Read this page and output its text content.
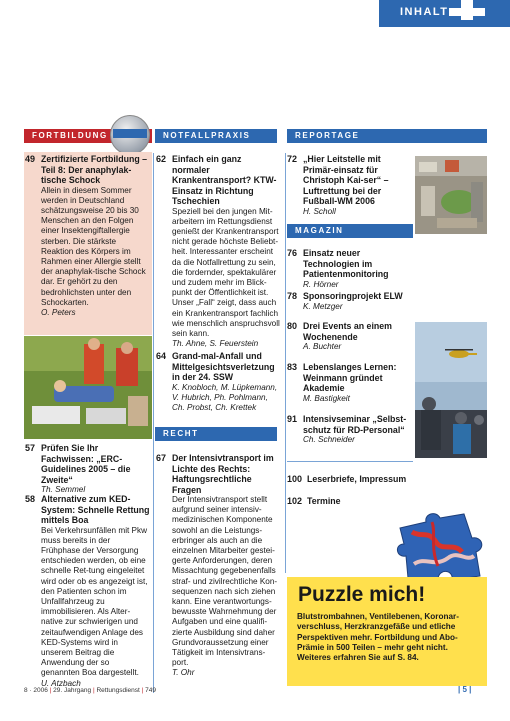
INHALT
FORTBILDUNG	NOTFALLPRAXIS	REPORTAGE
49 Zertifizierte Fortbildung – Teil 8: Der anaphylak-tische Schock
Allein in diesem Sommer werden in Deutschland schätzungsweise 20 bis 30 Menschen an den Folgen einer Insektengiftallergie sterben. Die stärkste Reaktion des Körpers im Rahmen einer Allergie stellt der anaphylak-tische Schock dar. Er gehört zu den bedrohlichsten unter den Schockarten.
O. Peters
57 Prüfen Sie Ihr Fachwissen: „ERC-Guidelines 2005 – die Zweite“
Th. Semmel
58 Alternative zum KED-System: Schnelle Rettung mittels Boa
Bei Verkehrsunfällen mit Pkw muss bereits in der Frühphase der Versorgung entschieden werden, ob eine schnelle Ret-tung eingeleitet wird oder ob es angezeigt ist, den Patienten schon im Unfallfahrzeug zu immobilisieren. Als Alter-native zur schwierigen und zeitaufwendigen Anlage des KED-Systems wird in unserem Beitrag die Anwendung der so genannten Boa dargestellt.
U. Atzbach
62 Einfach ein ganz normaler Krankentransport? KTW-Einsatz in Richtung Tschechien
Speziell bei den jungen Mit-arbeitern im Rettungsdienst genießt der Krankentransport nicht gerade höchste Beliebt-heit. Interessanter erscheint da die Notfallrettung zu sein, die fordernder, spektakulärer und zudem mehr im Blick-punkt der Öffentlichkeit ist. Unser „Fall“ zeigt, dass auch ein Krankentransport fachlich wie menschlich anspruchsvoll sein kann.
Th. Ahne, S. Feuerstein
64 Grand-mal-Anfall und Mittelgesichtsverletzung in der 24. SSW
K. Knobloch, M. Lüpkemann, V. Hubrich, Ph. Pohlmann, Ch. Probst, Ch. Krettek
RECHT
67 Der Intensivtransport im Lichte des Rechts: Haftungsrechtliche Fragen
Der Intensivtransport stellt aufgrund seiner intensiv-medizinischen Komponente sowohl an die Leistungs-erbringer als auch an die einzelnen Mitarbeiter gestei-gerte Anforderungen, deren Missachtung gegebenenfalls straf- und zivilrechtliche Kon-sequenzen nach sich ziehen kann. Eine verantwortungs-bewusste Wahrnehmung der Aufgaben und eine qualifi-zierte Ausbildung sind daher Grundvoraussetzung einer Tätigkeit im Intensivtrans-port.
T. Ohr
72 „Hier Leitstelle mit Primär-einsatz für Christoph Kai-ser“ – Luftrettung bei der Fußball-WM 2006
H. Scholl
MAGAZIN
76 Einsatz neuer Technologien im Patientenmonitoring
R. Hörner
78 Sponsoringprojekt ELW
K. Metzger
80 Drei Events an einem Wochenende
A. Buchter
83 Lebenslanges Lernen: Weinmann gründet Akademie
M. Bastigkeit
91 Intensivseminar „Selbst-schutz für RD-Personal“
Ch. Schneider
100 Leserbriefe, Impressum
102 Termine
Puzzle mich!
Blutstrombahnen, Ventilebenen, Koronar-verschluss, Herzkranzgefäße und etliche Perspektiven mehr. Fortbildung und Abo-Prämie in 500 Teilen – mehr geht nicht. Weiteres erfahren Sie auf S. 84.
8 · 2006 | 29. Jahrgang | Rettungsdienst | 749	| 5 |
